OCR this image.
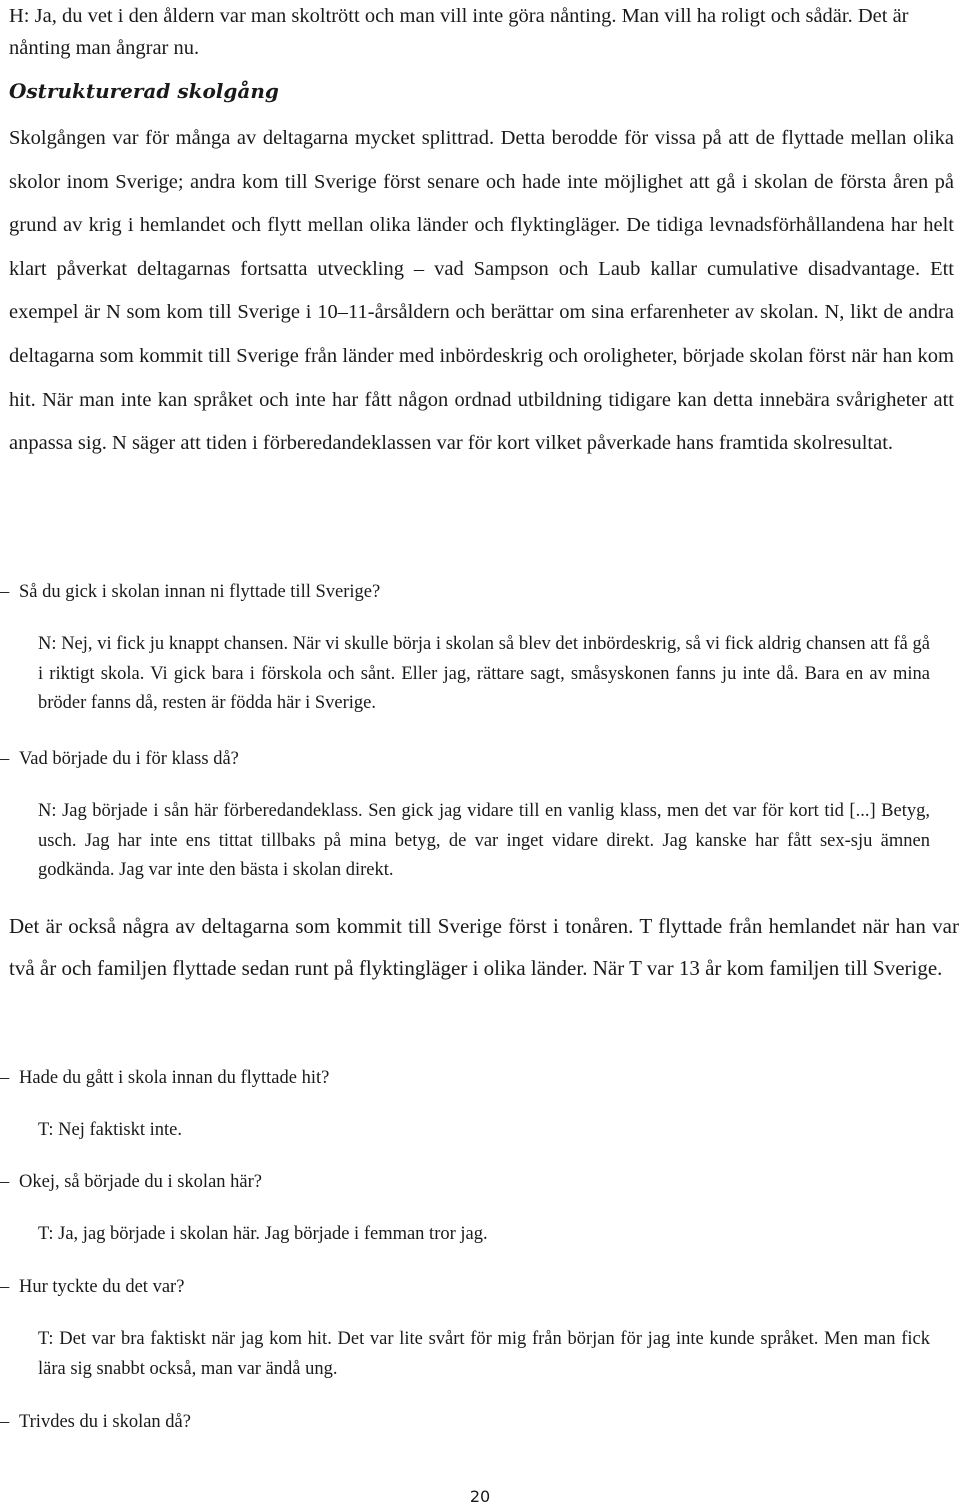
H: Ja, du vet i den åldern var man skoltrött och man vill inte göra nånting. Man vill ha roligt och sådär. Det är nånting man ångrar nu.

Ostrukturerad skolgång

Skolgången var för många av deltagarna mycket splittrad. Detta berodde för vissa på att de flyttade mellan olika skolor inom Sverige; andra kom till Sverige först senare och hade inte möjlighet att gå i skolan de första åren på grund av krig i hemlandet och flytt mellan olika länder och flyktingläger. De tidiga levnadsförhållandena har helt klart påverkat deltagarnas fortsatta utveckling – vad Sampson och Laub kallar cumulative disadvantage. Ett exempel är N som kom till Sverige i 10–11-årsåldern och berättar om sina erfarenheter av skolan. N, likt de andra deltagarna som kommit till Sverige från länder med inbördeskrig och oroligheter, började skolan först när han kom hit. När man inte kan språket och inte har fått någon ordnad utbildning tidigare kan detta innebära svårigheter att anpassa sig. N säger att tiden i förberedandeklassen var för kort vilket påverkade hans framtida skolresultat.

– Så du gick i skolan innan ni flyttade till Sverige?

N: Nej, vi fick ju knappt chansen. När vi skulle börja i skolan så blev det inbördeskrig, så vi fick aldrig chansen att få gå i riktigt skola. Vi gick bara i förskola och sånt. Eller jag, rättare sagt, småsyskonen fanns ju inte då. Bara en av mina bröder fanns då, resten är födda här i Sverige.

– Vad började du i för klass då?

N: Jag började i sån här förberedandeklass. Sen gick jag vidare till en vanlig klass, men det var för kort tid [...] Betyg, usch. Jag har inte ens tittat tillbaks på mina betyg, de var inget vidare direkt. Jag kanske har fått sex-sju ämnen godkända. Jag var inte den bästa i skolan direkt.

Det är också några av deltagarna som kommit till Sverige först i tonåren. T flyttade från hemlandet när han var två år och familjen flyttade sedan runt på flyktingläger i olika länder. När T var 13 år kom familjen till Sverige.

– Hade du gått i skola innan du flyttade hit?

T: Nej faktiskt inte.

– Okej, så började du i skolan här?

T: Ja, jag började i skolan här. Jag började i femman tror jag.

– Hur tyckte du det var?

T: Det var bra faktiskt när jag kom hit. Det var lite svårt för mig från början för jag inte kunde språket. Men man fick lära sig snabbt också, man var ändå ung.

– Trivdes du i skolan då?

20
